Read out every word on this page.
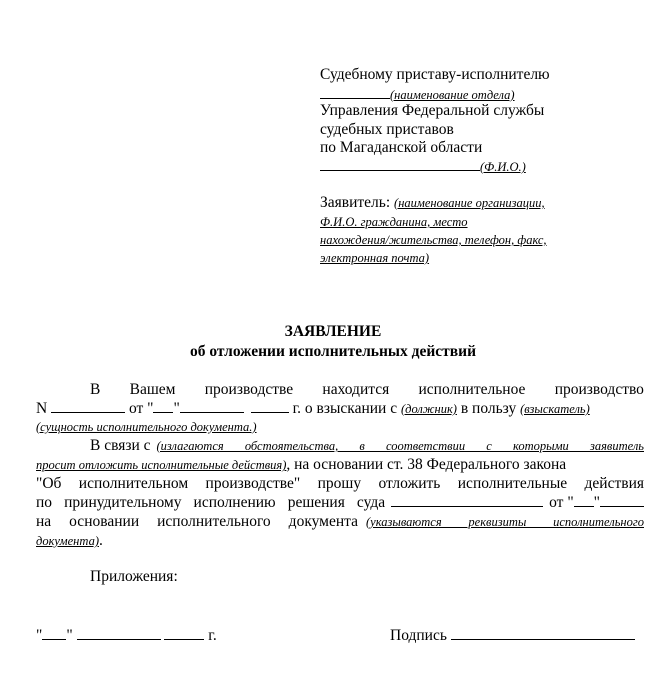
Судебному приставу-исполнителю
(наименование отдела)
Управления Федеральной службы
судебных приставов
по Магаданской области
(Ф.И.О.)
Заявитель: (наименование организации,
Ф.И.О. гражданина, место
нахождения/жительства, телефон, факс,
электронная почта)
ЗАЯВЛЕНИЕ
об отложении исполнительных действий
В Вашем производстве находится исполнительное производство
N	от " "	г. о взыскании с (должник) в пользу (взыскатель)
(сущность исполнительного документа.)
В связи с (излагаются обстоятельства, в соответствии с которыми заявитель
просит отложить исполнительные действия), на основании ст. 38 Федерального закона
"Об исполнительном производстве" прошу отложить исполнительные действия
по принудительному исполнению решения суда	от " "
на основании исполнительного документа (указываются реквизиты исполнительного
документа).
Приложения:
" "	г.	Подпись
